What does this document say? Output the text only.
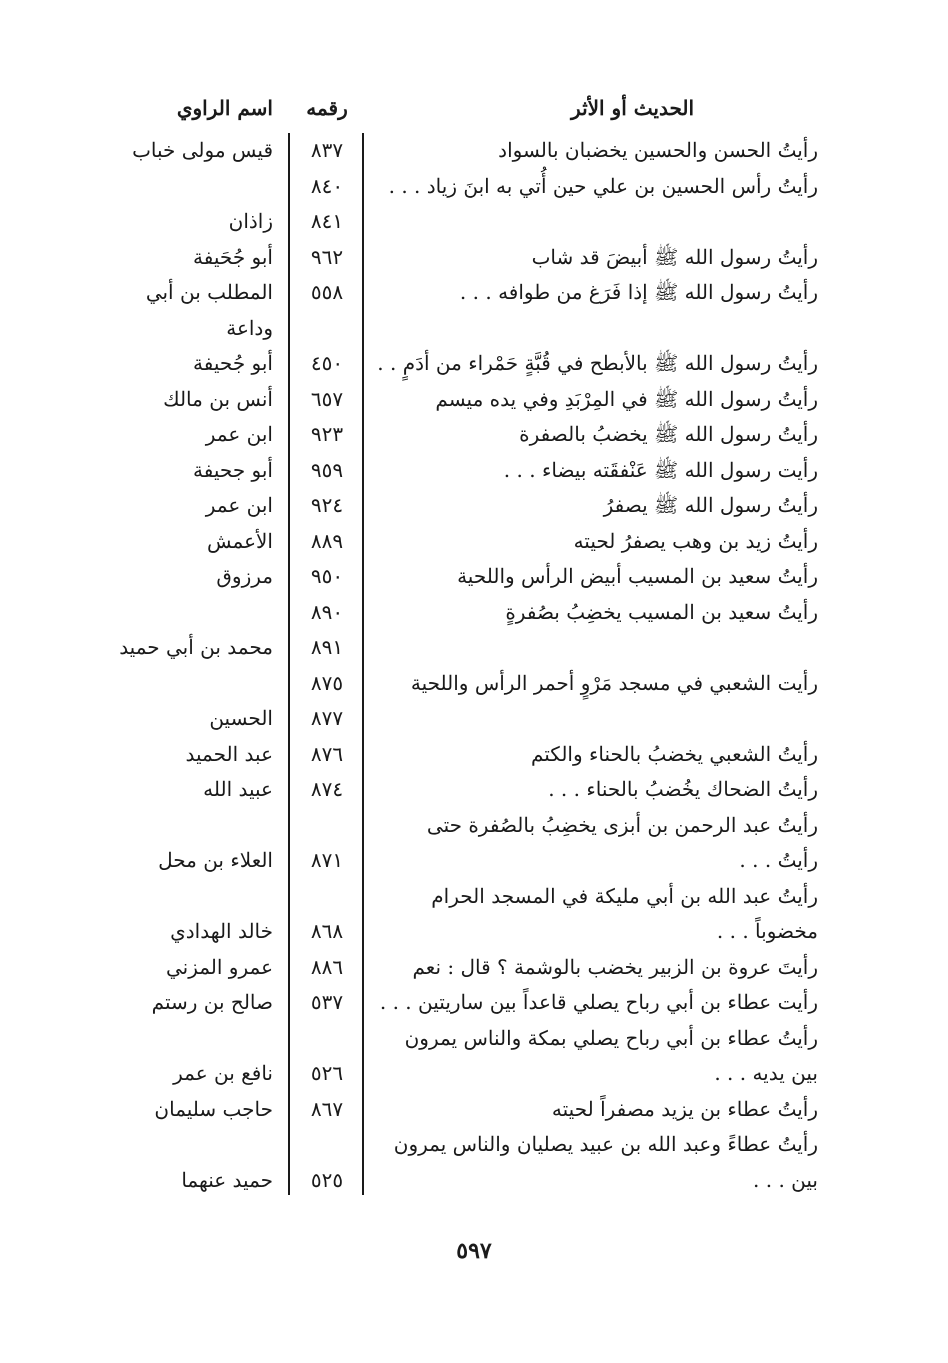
الحديث أو الأثر
رقمه
اسم الراوي
رأيتُ الحسن والحسين يخضبان بالسواد
٨٣٧
قيس مولى خباب
رأيتُ رأس الحسين بن علي حين أُتي به ابنَ زياد . . .
٨٤٠
٨٤١
زاذان
رأيتُ رسول الله ﷺ أبيضَ قد شاب
٩٦٢
أبو جُحَيفة
رأيتُ رسول الله ﷺ إذا فَرَغ من طوافه . . .
٥٥٨
المطلب بن أبي
وداعة
رأيتُ رسول الله ﷺ بالأبطح في قُبَّةٍ حَمْراء من أدَمٍ . .
٤٥٠
أبو جُحيفة
رأيتُ رسول الله ﷺ في المِرْبَدِ وفي يده ميسم
٦٥٧
أنس بن مالك
رأيتُ رسول الله ﷺ يخضبُ بالصفرة
٩٢٣
ابن عمر
رأيت رسول الله ﷺ عَنْفقَته بيضاء . . .
٩٥٩
أبو جحيفة
رأيتُ رسول الله ﷺ يصفرُ
٩٢٤
ابن عمر
رأيتُ زيد بن وهب يصفرُ لحيته
٨٨٩
الأعمش
رأيتُ سعيد بن المسيب أبيض الرأس واللحية
٩٥٠
مرزوق
رأيتُ سعيد بن المسيب يخضِبُ بصُفرةٍ
٨٩٠
٨٩١
محمد بن أبي حميد
رأيت الشعبي في مسجد مَرْوٍ أحمر الرأس واللحية
٨٧٥
٨٧٧
الحسين
رأيتُ الشعبي يخضبُ بالحناء والكتم
٨٧٦
عبد الحميد
رأيتُ الضحاك يخُضبُ بالحناء . . .
٨٧٤
عبيد الله
رأيتُ عبد الرحمن بن أبزى يخضِبُ بالصُفرة حتى
رأيتُ . . .
٨٧١
العلاء بن محل
رأيتُ عبد الله بن أبي مليكة في المسجد الحرام
مخضوباً . . .
٨٦٨
خالد الهدادي
رأيتَ عروة بن الزبير يخضب بالوشمة ؟ قال : نعم
٨٨٦
عمرو المزني
رأيت عطاء بن أبي رباح يصلي قاعداً بين ساريتين . . .
٥٣٧
صالح بن رستم
رأيتُ عطاء بن أبي رباح يصلي بمكة والناس يمرون
بين يديه . . .
٥٢٦
نافع بن عمر
رأيتُ عطاء بن يزيد مصفراً لحيته
٨٦٧
حاجب سليمان
رأيتُ عطاءً وعبد الله بن عبيد يصليان والناس يمرون
بين . . .
٥٢٥
حميد عنهما
٥٩٧
